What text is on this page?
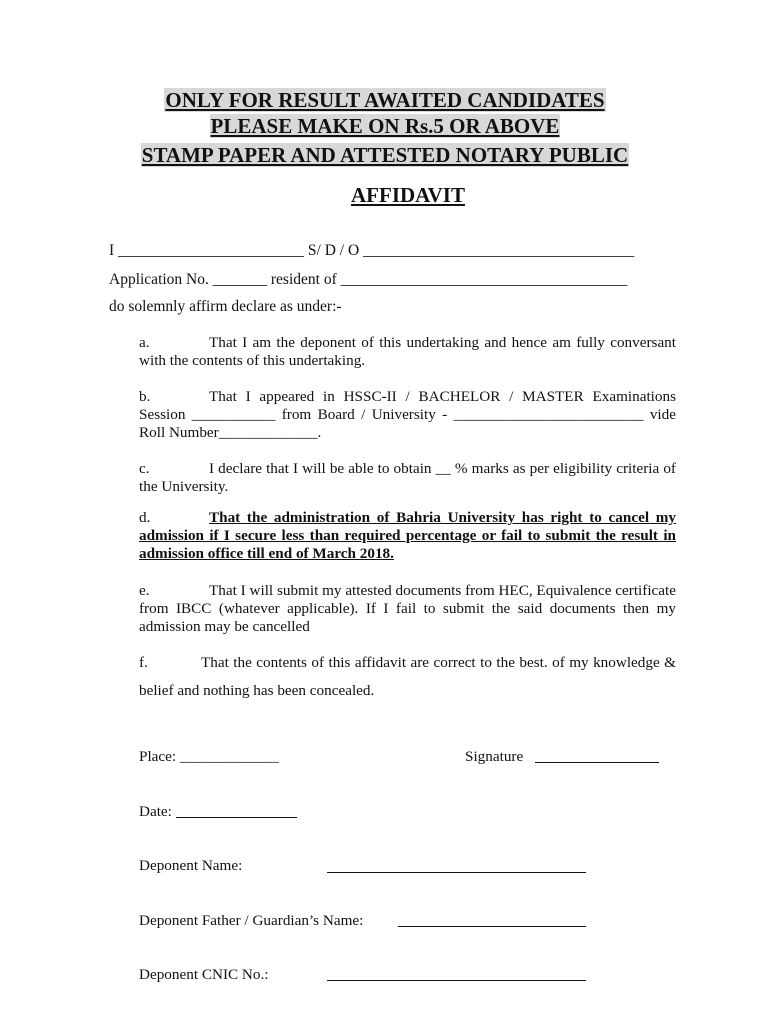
ONLY FOR RESULT AWAITED CANDIDATES
PLEASE MAKE ON Rs.5 OR ABOVE
STAMP PAPER AND ATTESTED NOTARY PUBLIC
AFFIDAVIT
I ________________________ S/ D / O ___________________________________
Application No. _______ resident of _____________________________________
do solemnly affirm declare as under:-
a.	That I am the deponent of this undertaking and hence am fully conversant with the contents of this undertaking.
b.	That I appeared in HSSC-II / BACHELOR / MASTER Examinations Session ___________ from Board / University - _________________________ vide Roll Number_____________.
c.	I declare that I will be able to obtain __ % marks as per eligibility criteria of the University.
d.	That the administration of Bahria University has right to cancel my admission if I secure less than required percentage or fail to submit the result in admission office till end of March 2018.
e.	That I will submit my attested documents from HEC, Equivalence certificate from IBCC (whatever applicable). If I fail to submit the said documents then my admission may be cancelled
f.	That the contents of this affidavit are correct to the best. of my knowledge & belief and nothing has been concealed.
Place: _____________	Signature
Date:
Deponent Name:
Deponent Father / Guardian’s Name:
Deponent CNIC No.:
